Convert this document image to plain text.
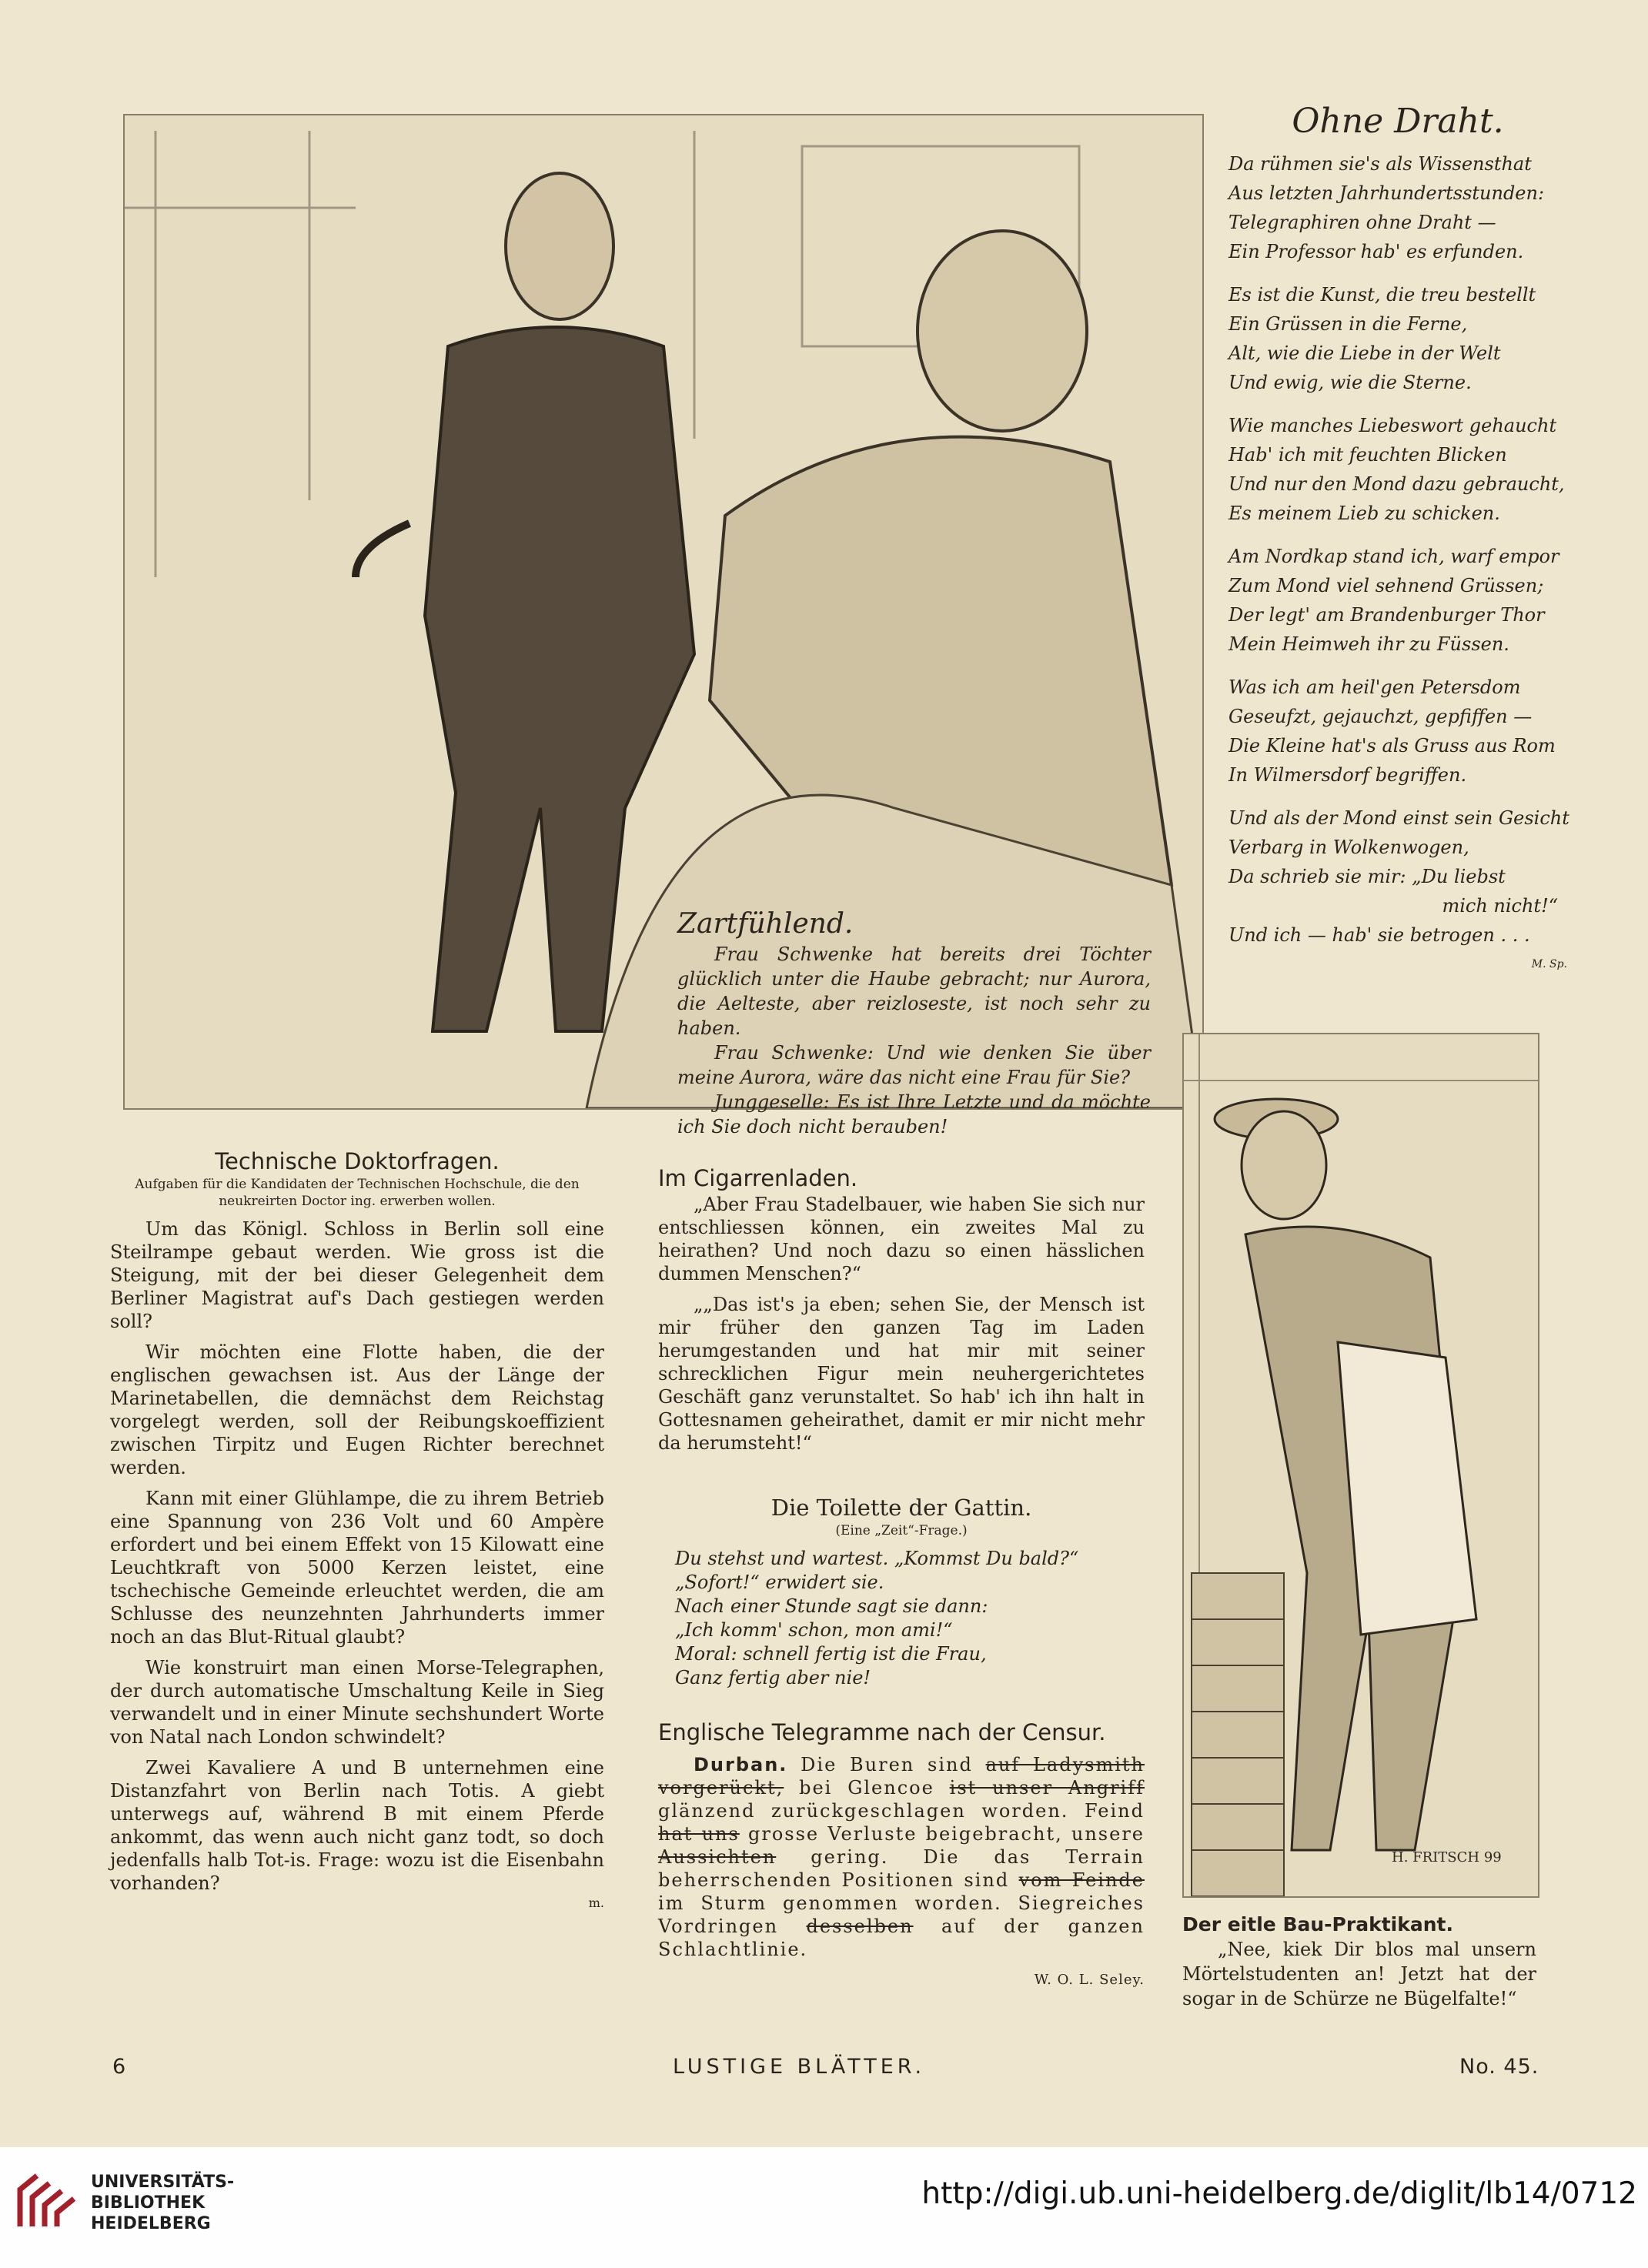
Ohne Draht.
Da rühmen sie's als Wissensthat
Aus letzten Jahrhundertsstunden:
Telegraphiren ohne Draht —
Ein Professor hab' es erfunden.
Es ist die Kunst, die treu bestellt
Ein Grüssen in die Ferne,
Alt, wie die Liebe in der Welt
Und ewig, wie die Sterne.
Wie manches Liebeswort gehaucht
Hab' ich mit feuchten Blicken
Und nur den Mond dazu gebraucht,
Es meinem Lieb zu schicken.
Am Nordkap stand ich, warf empor
Zum Mond viel sehnend Grüssen;
Der legt' am Brandenburger Thor
Mein Heimweh ihr zu Füssen.
Was ich am heil'gen Petersdom
Geseufzt, gejauchzt, gepfiffen —
Die Kleine hat's als Gruss aus Rom
In Wilmersdorf begriffen.
Und als der Mond einst sein Gesicht
Verbarg in Wolkenwogen,
Da schrieb sie mir: „Du liebst
mich nicht!“
Und ich — hab' sie betrogen . . .
M. Sp.
Zartfühlend.

Frau Schwenke hat bereits drei Töchter glücklich unter die Haube gebracht; nur Aurora, die Aelteste, aber reizloseste, ist noch sehr zu haben.

Frau Schwenke: Und wie denken Sie über meine Aurora, wäre das nicht eine Frau für Sie?

Junggeselle: Es ist Ihre Letzte und da möchte ich Sie doch nicht berauben!

Technische Doktorfragen.
Aufgaben für die Kandidaten der Technischen Hochschule, die den neukreirten Doctor ing. erwerben wollen.

Um das Königl. Schloss in Berlin soll eine Steilrampe gebaut werden. Wie gross ist die Steigung, mit der bei dieser Gelegenheit dem Berliner Magistrat auf's Dach gestiegen werden soll?

Wir möchten eine Flotte haben, die der englischen gewachsen ist. Aus der Länge der Marinetabellen, die demnächst dem Reichstag vorgelegt werden, soll der Reibungskoeffizient zwischen Tirpitz und Eugen Richter berechnet werden.

Kann mit einer Glühlampe, die zu ihrem Betrieb eine Spannung von 236 Volt und 60 Ampère erfordert und bei einem Effekt von 15 Kilowatt eine Leuchtkraft von 5000 Kerzen leistet, eine tschechische Gemeinde erleuchtet werden, die am Schlusse des neunzehnten Jahrhunderts immer noch an das Blut-Ritual glaubt?

Wie konstruirt man einen Morse-Telegraphen, der durch automatische Umschaltung Keile in Sieg verwandelt und in einer Minute sechshundert Worte von Natal nach London schwindelt?

Zwei Kavaliere A und B unternehmen eine Distanzfahrt von Berlin nach Totis. A giebt unterwegs auf, während B mit einem Pferde ankommt, das wenn auch nicht ganz todt, so doch jedenfalls halb Tot-is. Frage: wozu ist die Eisenbahn vorhanden?

m.
Im Cigarrenladen.

„Aber Frau Stadelbauer, wie haben Sie sich nur entschliessen können, ein zweites Mal zu heirathen? Und noch dazu so einen hässlichen dummen Menschen?“

„„Das ist's ja eben; sehen Sie, der Mensch ist mir früher den ganzen Tag im Laden herumgestanden und hat mir mit seiner schrecklichen Figur mein neuhergerichtetes Geschäft ganz verunstaltet. So hab' ich ihn halt in Gottesnamen geheirathet, damit er mir nicht mehr da herumsteht!“

Die Toilette der Gattin.
(Eine „Zeit“-Frage.)
Du stehst und wartest. „Kommst Du bald?“
„Sofort!“ erwidert sie.
Nach einer Stunde sagt sie dann:
„Ich komm' schon, mon ami!“
Moral: schnell fertig ist die Frau,
Ganz fertig aber nie!
Englische Telegramme nach der Censur.

Durban. Die Buren sind auf Ladysmith vorgerückt, bei Glencoe ist unser Angriff glänzend zurückgeschlagen worden. Feind hat uns grosse Verluste beigebracht, unsere Aussichten gering. Die das Terrain beherrschenden Positionen sind vom Feinde im Sturm genommen worden. Siegreiches Vordringen desselben auf der ganzen Schlachtlinie.

W. O. L. Seley.
H. FRITSCH 99
Der eitle Bau-Praktikant.
„Nee, kiek Dir blos mal unsern Mörtelstudenten an! Jetzt hat der sogar in de Schürze ne Bügelfalte!“
6	LUSTIGE BLÄTTER.	No. 45.
UNIVERSITÄTS-
BIBLIOTHEK
HEIDELBERG
http://digi.ub.uni-heidelberg.de/diglit/lb14/0712
